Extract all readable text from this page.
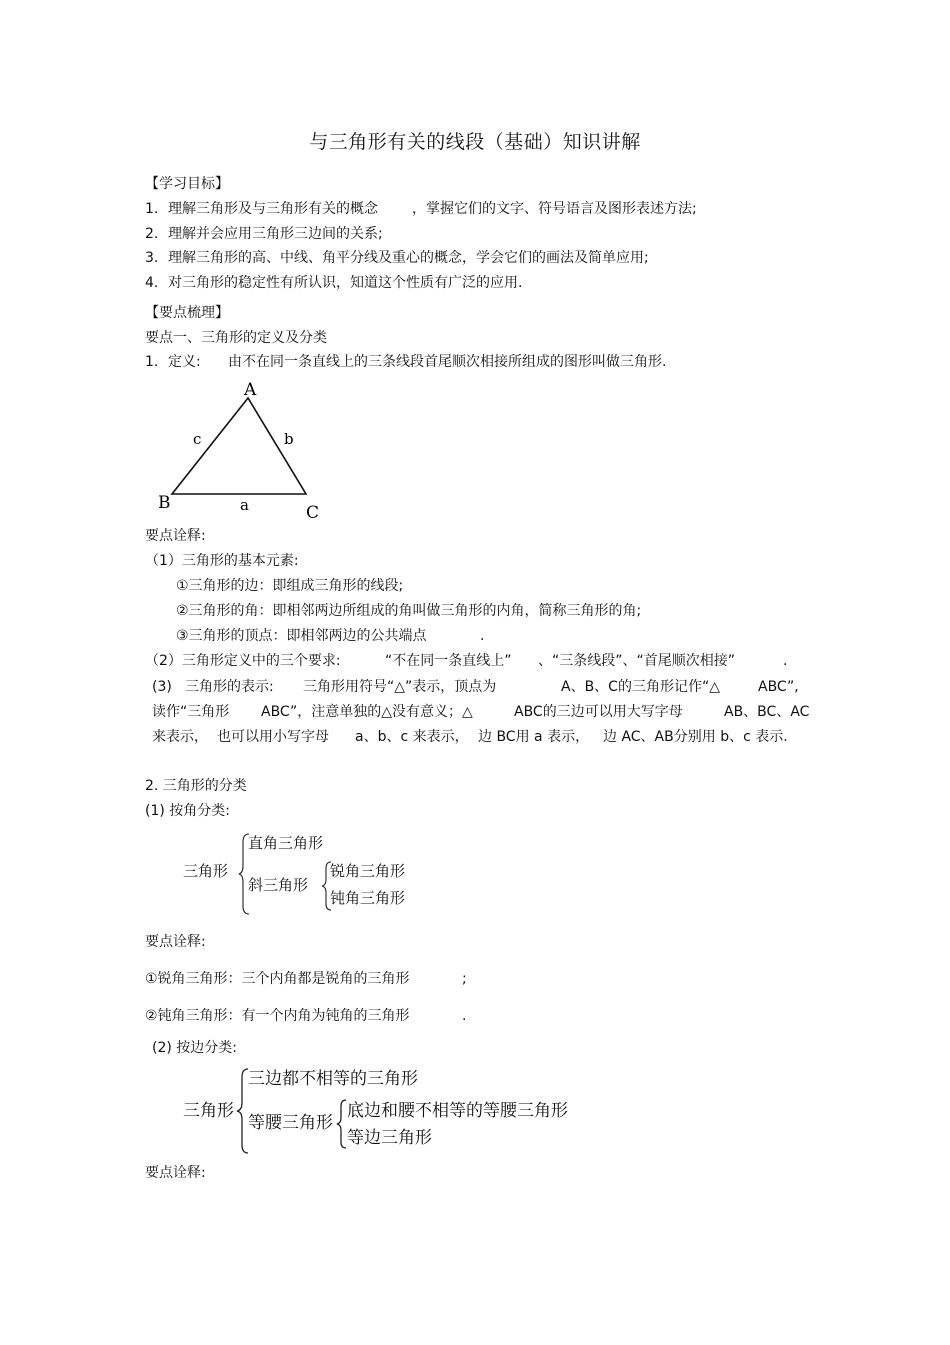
与三角形有关的线段（基础）知识讲解
【学习目标】
1. 理解三角形及与三角形有关的概念 ，掌握它们的文字、符号语言及图形表述方法;
2. 理解并会应用三角形三边间的关系;
3. 理解三角形的高、中线、角平分线及重心的概念，学会它们的画法及简单应用;
4. 对三角形的稳定性有所认识，知道这个性质有广泛的应用.
【要点梳理】
要点一、三角形的定义及分类
1. 定义: 由不在同一条直线上的三条线段首尾顺次相接所组成的图形叫做三角形.
A
B	C
a
b
c
要点诠释:
（1）三角形的基本元素:
①三角形的边：即组成三角形的线段;
②三角形的角：即相邻两边所组成的角叫做三角形的内角，简称三角形的角;
③三角形的顶点：即相邻两边的公共端点	.
（2）三角形定义中的三个要求:	“不在同一条直线上” 、“三条线段”、“首尾顺次相接”	.
(3) 三角形的表示: 三角形用符号“△”表示，顶点为	A、B、C的三角形记作“△	ABC”,
读作“三角形 ABC”，注意单独的△没有意义；△	ABC的三边可以用大写字母	AB、BC、AC
来表示， 也可以用小写字母 a、b、c 来表示， 边 BC用 a 表示， 边 AC、AB分别用 b、c 表示.
2. 三角形的分类
(1) 按角分类:
三角形
直角三角形
斜三角形
锐角三角形
钝角三角形
要点诠释:
①锐角三角形：三个内角都是锐角的三角形	;
②钝角三角形：有一个内角为钝角的三角形	.
(2) 按边分类:
三角形
三边都不相等的三角形
等腰三角形
底边和腰不相等的等腰三角形
等边三角形
要点诠释:
